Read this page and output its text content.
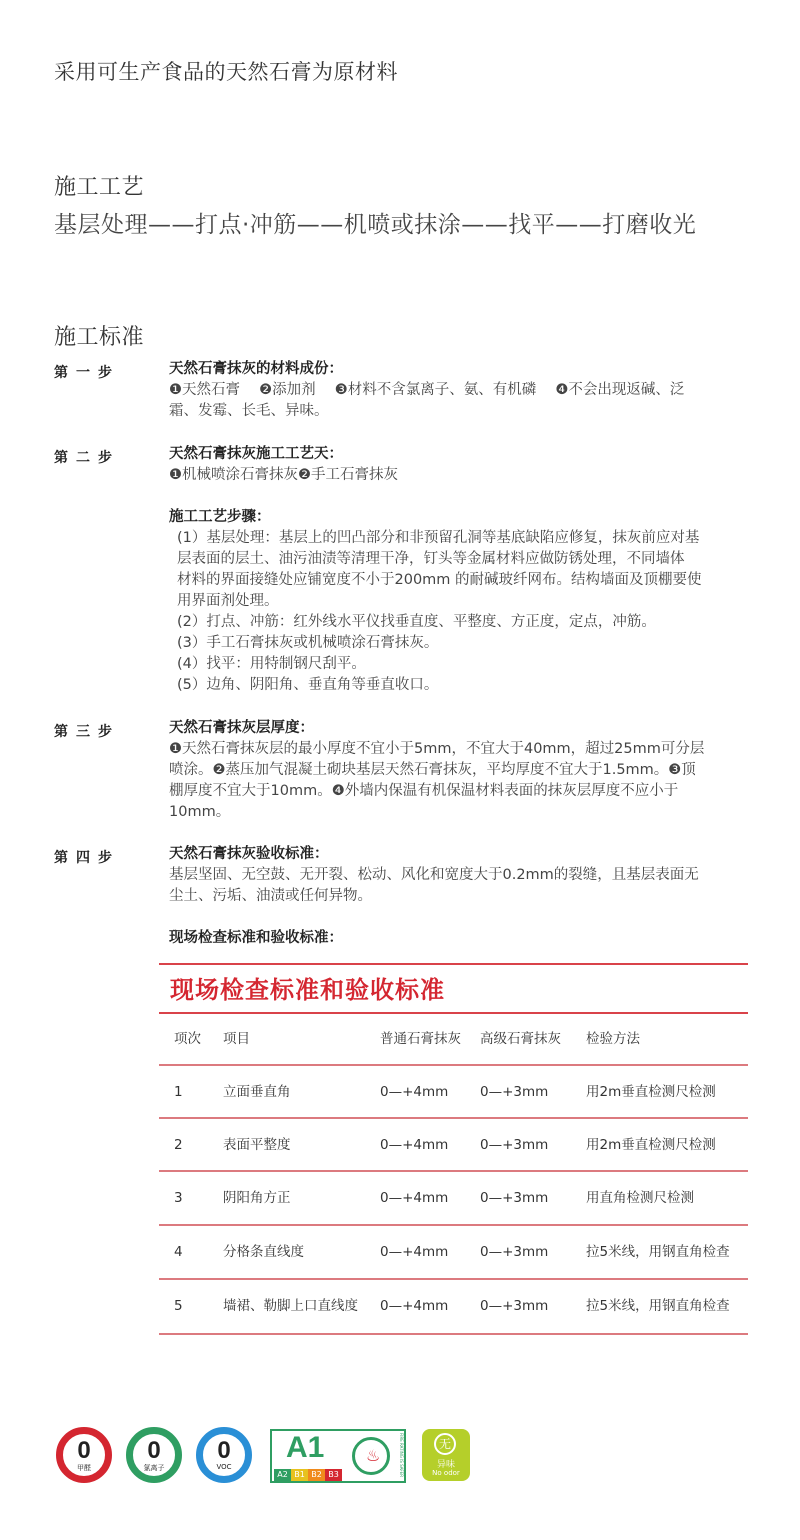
采用可生产食品的天然石膏为原材料
施工工艺
基层处理——打点·冲筋——机喷或抹涂——找平——打磨收光
施工标准
第一步	天然石膏抹灰的材料成份：

❶天然石膏　 ❷添加剂　 ❸材料不含氯离子、氨、有机磷　 ❹不会出现返碱、泛

霜、发霉、长毛、异味。

第二步	天然石膏抹灰施工工艺天：

❶机械喷涂石膏抹灰❷手工石膏抹灰

施工工艺步骤：

(1）基层处理：基层上的凹凸部分和非预留孔洞等基底缺陷应修复，抹灰前应对基

层表面的层土、油污油渍等清理干净，钉头等金属材料应做防锈处理，不同墙体

材料的界面接缝处应铺宽度不小于200mm 的耐碱玻纤网布。结构墙面及顶棚要使

用界面剂处理。

(2）打点、冲筋：红外线水平仪找垂直度、平整度、方正度，定点，冲筋。

(3）手工石膏抹灰或机械喷涂石膏抹灰。

(4）找平：用特制钢尺刮平。

(5）边角、阴阳角、垂直角等垂直收口。

第三步	天然石膏抹灰层厚度：

❶天然石膏抹灰层的最小厚度不宜小于5mm，不宜大于40mm，超过25mm可分层

喷涂。❷蒸压加气混凝土砌块基层天然石膏抹灰，平均厚度不宜大于1.5mm。❸顶

棚厚度不宜大于10mm。❹外墙内保温有机保温材料表面的抹灰层厚度不应小于

10mm。

第四步	天然石膏抹灰验收标准：

基层坚固、无空鼓、无开裂、松动、风化和宽度大于0.2mm的裂缝，且基层表面无

尘土、污垢、油渍或任何异物。

现场检查标准和验收标准：
现场检查标准和验收标准
项次 项目	普通石膏抹灰 高级石膏抹灰 检验方法
1	立面垂直角	0—+4mm 0—+3mm	用2m垂直检测尺检测
2	表面平整度	0—+4mm 0—+3mm	用2m垂直检测尺检测
3	阴阳角方正	0—+4mm 0—+3mm	用直角检测尺检测
4	分格条直线度	0—+4mm 0—+3mm	拉5米线，用钢直角检查
5	墙裙、勒脚上口直线度 0—+4mm 0—+3mm	拉5米线，用钢直角检查
0
甲醛
0
氯离子
0
VOC
A1
A2 B1 B2 B3
♨	FIRE RATING IS SAFER	无
异味
No odor
